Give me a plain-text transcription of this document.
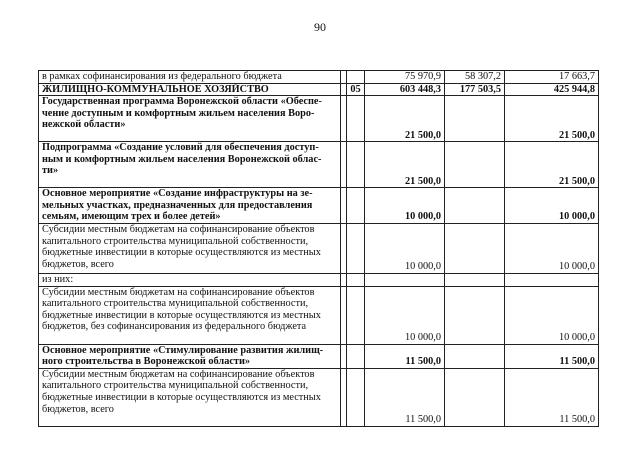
90
в рамках софинансирования из федерального бюджета			75 970,9	58 307,2	17 663,7
ЖИЛИЩНО-КОММУНАЛЬНОЕ ХОЗЯЙСТВО		05	603 448,3	177 503,5	425 944,8
Государственная программа Воронежской области «Обеспе-чение доступным и комфортным жильем населения Воро-нежской области»			21 500,0		21 500,0
Подпрограмма «Создание условий для обеспечения доступ-ным и комфортным жильем населения Воронежской облас-ти»			21 500,0		21 500,0
Основное мероприятие «Создание инфраструктуры на зе-мельных участках, предназначенных для предоставления семьям, имеющим трех и более детей»			10 000,0		10 000,0
Субсидии местным бюджетам на софинансирование объектов капитального строительства муниципальной собственности, бюджетные инвестиции в которые осуществляются из местных бюджетов, всего			10 000,0		10 000,0
из них:					
Субсидии местным бюджетам на софинансирование объектов капитального строительства муниципальной собственности, бюджетные инвестиции в которые осуществляются из местных бюджетов, без софинансирования из федерального бюджета			10 000,0		10 000,0
Основное мероприятие «Стимулирование развития жилищ-ного строительства в Воронежской области»			11 500,0		11 500,0
Субсидии местным бюджетам на софинансирование объектов капитального строительства муниципальной собственности, бюджетные инвестиции в которые осуществляются из местных бюджетов, всего			11 500,0		11 500,0
